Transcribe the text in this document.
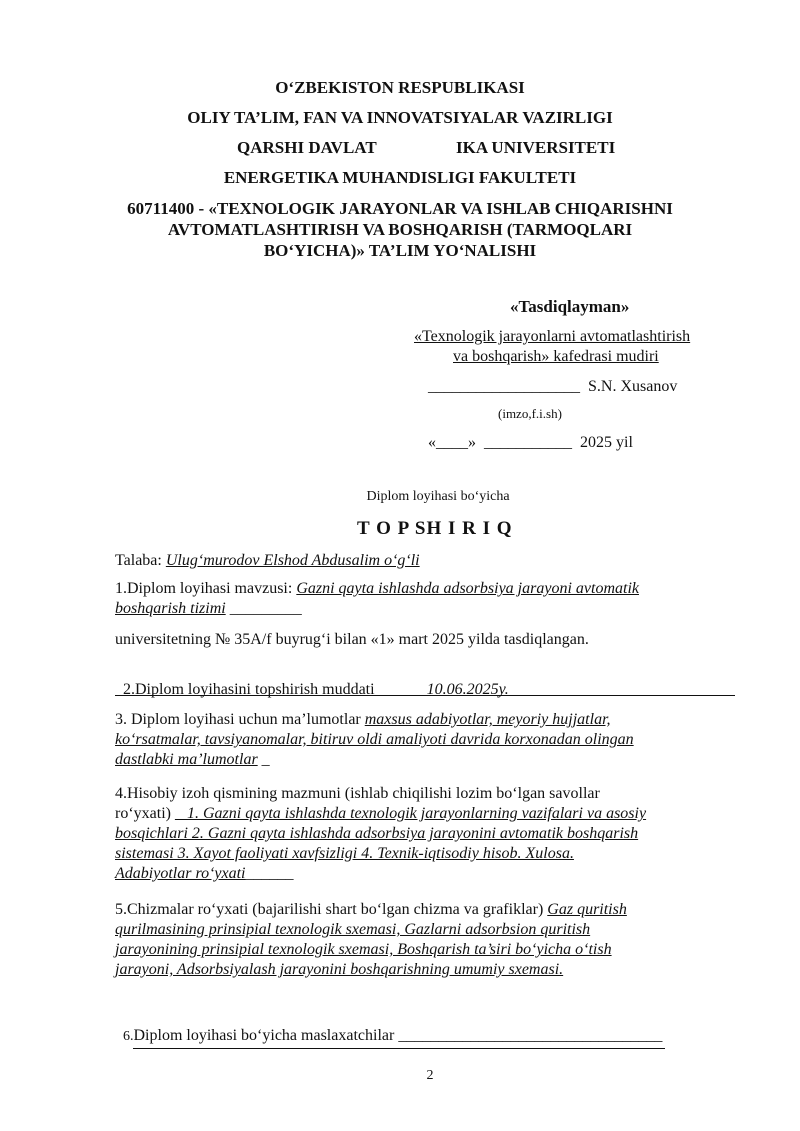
O‘ZBEKISTON RESPUBLIKASI
OLIY TA’LIM, FAN VA INNOVATSIYALAR VAZIRLIGI
QARSHI DAVLAT	IKA UNIVERSITETI
ENERGETIKA MUHANDISLIGI FAKULTETI
60711400 - «TEXNOLOGIK JARAYONLAR VA ISHLAB CHIQARISHNI
AVTOMATLASHTIRISH VA BOSHQARISH (TARMOQLARI
BO‘YICHA)» TA’LIM YO‘NALISHI
«Tasdiqlayman»
«Texnologik jarayonlarni avtomatlashtirish
va boshqarish» kafedrasi mudiri
___________________  S.N. Xusanov
(imzo,f.i.sh)
«____»  ___________  2025 yil
Diplom loyihasi bo‘yicha
T O P SH I R I Q
Talaba: Ulug‘murodov Elshod Abdusalim o‘g‘li
1.Diplom loyihasi mavzusi: Gazni qayta ishlashda adsorbsiya jarayoni avtomatik
boshqarish tizimi _________
universitetning № 35A/f buyrug‘i bilan «1» mart 2025 yilda tasdiqlangan.

2.Diplom loyihasini topshirish muddati ______10.06.2025y. ______________

3. Diplom loyihasi uchun ma’lumotlar maxsus adabiyotlar, meyoriy hujjatlar,
ko‘rsatmalar, tavsiyanomalar, bitiruv oldi amaliyoti davrida korxonadan olingan
dastlabki ma’lumotlar _
4.Hisobiy izoh qismining mazmuni (ishlab chiqilishi lozim bo‘lgan savollar
ro‘yxati) _ 1. Gazni qayta ishlashda texnologik jarayonlarning vazifalari va asosiy
bosqichlari 2. Gazni qayta ishlashda adsorbsiya jarayonini avtomatik boshqarish
sistemasi 3. Xayot faoliyati xavfsizligi 4. Texnik-iqtisodiy hisob. Xulosa.
Adabiyotlar ro‘yxati______
5.Chizmalar ro‘yxati (bajarilishi shart bo‘lgan chizma va grafiklar) Gaz quritish
qurilmasining prinsipial texnologik sxemasi, Gazlarni adsorbsion quritish
jarayonining prinsipial texnologik sxemasi, Boshqarish ta’siri bo‘yicha o‘tish
jarayoni, Adsorbsiyalash jarayonini boshqarishning umumiy sxemasi.

6.Diplom loyihasi bo‘yicha maslaxatchilar _________________________________

2
